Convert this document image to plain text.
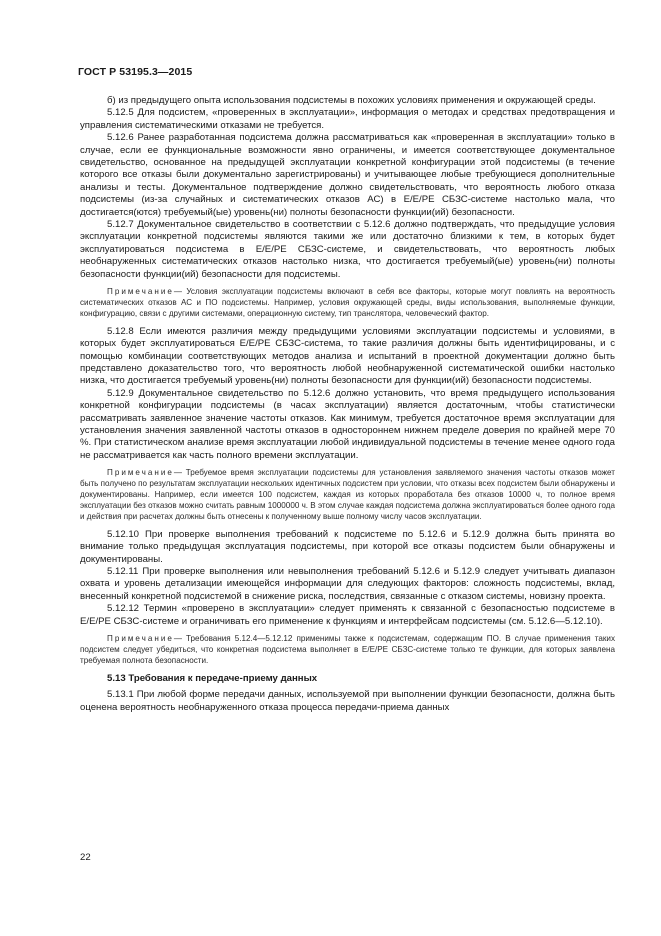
ГОСТ Р 53195.3—2015

б) из предыдущего опыта использования подсистемы в похожих условиях применения и окружающей среды.

5.12.5 Для подсистем, «проверенных в эксплуатации», информация о методах и средствах предотвращения и управления систематическими отказами не требуется.

5.12.6 Ранее разработанная подсистема должна рассматриваться как «проверенная в эксплуатации» только в случае, если ее функциональные возможности явно ограничены, и имеется соответствующее документальное свидетельство, основанное на предыдущей эксплуатации конкретной конфигурации этой подсистемы (в течение которого все отказы были документально зарегистрированы) и учитывающее любые требующиеся дополнительные анализы и тесты. Документальное подтверждение должно свидетельствовать, что вероятность любого отказа подсистемы (из-за случайных и систематических отказов АС) в E/E/PE СБЗС-системе настолько мала, что достигается(ются) требуемый(ые) уровень(ни) полноты безопасности функции(ий) безопасности.

5.12.7 Документальное свидетельство в соответствии с 5.12.6 должно подтверждать, что предыдущие условия эксплуатации конкретной подсистемы являются такими же или достаточно близкими к тем, в которых будет эксплуатироваться подсистема в E/E/PE СБЗС-системе, и свидетельствовать, что вероятность любых необнаруженных систематических отказов настолько низка, что достигается требуемый(ые) уровень(ни) полноты безопасности функции(ий) безопасности для подсистемы.

Примечание— Условия эксплуатации подсистемы включают в себя все факторы, которые могут повлиять на вероятность систематических отказов АС и ПО подсистемы. Например, условия окружающей среды, виды использования, выполняемые функции, конфигурацию, связи с другими системами, операционную систему, тип транслятора, человеческий фактор.

5.12.8 Если имеются различия между предыдущими условиями эксплуатации подсистемы и условиями, в которых будет эксплуатироваться E/E/PE СБЗС-система, то такие различия должны быть идентифицированы, и с помощью комбинации соответствующих методов анализа и испытаний в проектной документации должно быть представлено доказательство того, что вероятность любой необнаруженной систематической ошибки настолько низка, что достигается требуемый уровень(ни) полноты безопасности для функции(ий) безопасности подсистемы.

5.12.9 Документальное свидетельство по 5.12.6 должно установить, что время предыдущего использования конкретной конфигурации подсистемы (в часах эксплуатации) является достаточным, чтобы статистически рассматривать заявленное значение частоты отказов. Как минимум, требуется достаточное время эксплуатации для установления значения заявленной частоты отказов в одностороннем нижнем пределе доверия по крайней мере 70 %. При статистическом анализе время эксплуатации любой индивидуальной подсистемы в течение менее одного года не рассматривается как часть полного времени эксплуатации.

Примечание— Требуемое время эксплуатации подсистемы для установления заявляемого значения частоты отказов может быть получено по результатам эксплуатации нескольких идентичных подсистем при условии, что отказы всех подсистем были обнаружены и документированы. Например, если имеется 100 подсистем, каждая из которых проработала без отказов 10000 ч, то полное время эксплуатации без отказов можно считать равным 1000000 ч. В этом случае каждая подсистема должна эксплуатироваться более одного года и действия при расчетах должны быть отнесены к полученному выше полному числу часов эксплуатации.

5.12.10 При проверке выполнения требований к подсистеме по 5.12.6 и 5.12.9 должна быть принята во внимание только предыдущая эксплуатация подсистемы, при которой все отказы подсистем были обнаружены и документированы.

5.12.11 При проверке выполнения или невыполнения требований 5.12.6 и 5.12.9 следует учитывать диапазон охвата и уровень детализации имеющейся информации для следующих факторов: сложность подсистемы, вклад, внесенный конкретной подсистемой в снижение риска, последствия, связанные с отказом системы, новизну проекта.

5.12.12 Термин «проверено в эксплуатации» следует применять к связанной с безопасностью подсистеме в E/E/PE СБЗС-системе и ограничивать его применение к функциям и интерфейсам подсистемы (см. 5.12.6—5.12.10).

Примечание— Требования 5.12.4—5.12.12 применимы также к подсистемам, содержащим ПО. В случае применения таких подсистем следует убедиться, что конкретная подсистема выполняет в E/E/PE СБЗС-системе только те функции, для которых заявлена требуемая полнота безопасности.

5.13 Требования к передаче-приему данных

5.13.1 При любой форме передачи данных, используемой при выполнении функции безопасности, должна быть оценена вероятность необнаруженного отказа процесса передачи-приема данных

22
